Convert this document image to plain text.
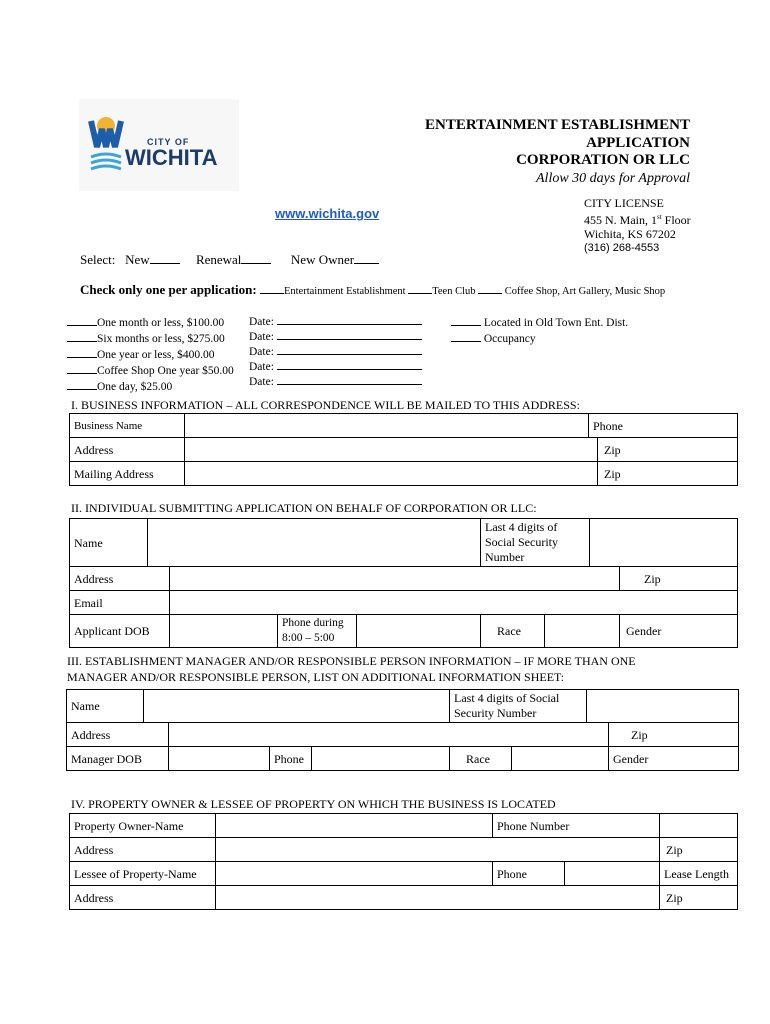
CITY OF
WICHITA
ENTERTAINMENT ESTABLISHMENT
APPLICATION
CORPORATION OR LLC
Allow 30 days for Approval
CITY LICENSE
455 N. Main, 1st Floor
Wichita, KS 67202
(316) 268-4553
www.wichita.gov
Select: New	Renewal	New Owner
Check only one per application:	Entertainment Establishment	Teen Club	Coffee Shop, Art Gallery, Music Shop
One month or less, $100.00
Six months or less, $275.00
One year or less, $400.00
Coffee Shop One year $50.00
One day, $25.00
Date:
Date:
Date:
Date:
Date:
Located in Old Town Ent. Dist.
Occupancy
I. BUSINESS INFORMATION – ALL CORRESPONDENCE WILL BE MAILED TO THIS ADDRESS:
Business Name		Phone	
Address			Zip
Mailing Address			Zip
II. INDIVIDUAL SUBMITTING APPLICATION ON BEHALF OF CORPORATION OR LLC:
Name					Last 4 digits of Social Security Number			
Address								Zip
Email								
Applicant DOB			Phone during 8:00 – 5:00		Race			Gender
III. ESTABLISHMENT MANAGER AND/OR RESPONSIBLE PERSON INFORMATION – IF MORE THAN ONE MANAGER AND/OR RESPONSIBLE PERSON, LIST ON ADDITIONAL INFORMATION SHEET:
Name					Last 4 digits of Social Security Number			
Address								Zip
Manager DOB			Phone		Race			Gender
IV. PROPERTY OWNER & LESSEE OF PROPERTY ON WHICH THE BUSINESS IS LOCATED
Property Owner-Name		Phone Number		
Address				Zip
Lessee of Property-Name		Phone		Lease Length
Address				Zip
